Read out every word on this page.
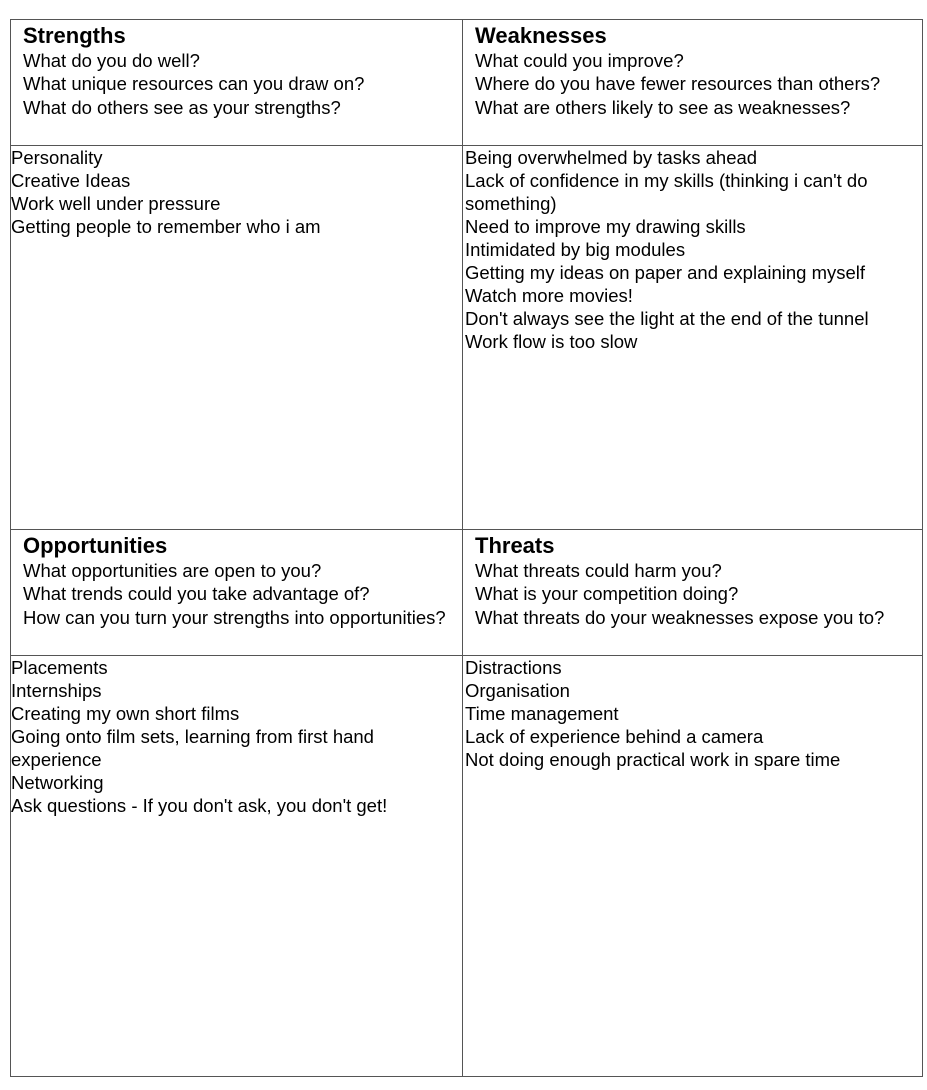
Strengths

What do you do well?
What unique resources can you draw on?
What do others see as your strengths?

Weaknesses

What could you improve?
Where do you have fewer resources than others?
What are others likely to see as weaknesses?
Personality
Creative Ideas
Work well under pressure
Getting people to remember who i am
Being overwhelmed by tasks ahead
Lack of confidence in my skills (thinking i can't do something)
Need to improve my drawing skills
Intimidated by big modules
Getting my ideas on paper and explaining myself
Watch more movies!
Don't always see the light at the end of the tunnel
Work flow is too slow

Opportunities

What opportunities are open to you?
What trends could you take advantage of?
How can you turn your strengths into opportunities?

Threats

What threats could harm you?
What is your competition doing?
What threats do your weaknesses expose you to?
Placements
Internships
Creating my own short films
Going onto film sets, learning from first hand experience
Networking
Ask questions - If you don't ask, you don't get!
Distractions
Organisation
Time management
Lack of experience behind a camera
Not doing enough practical work in spare time
